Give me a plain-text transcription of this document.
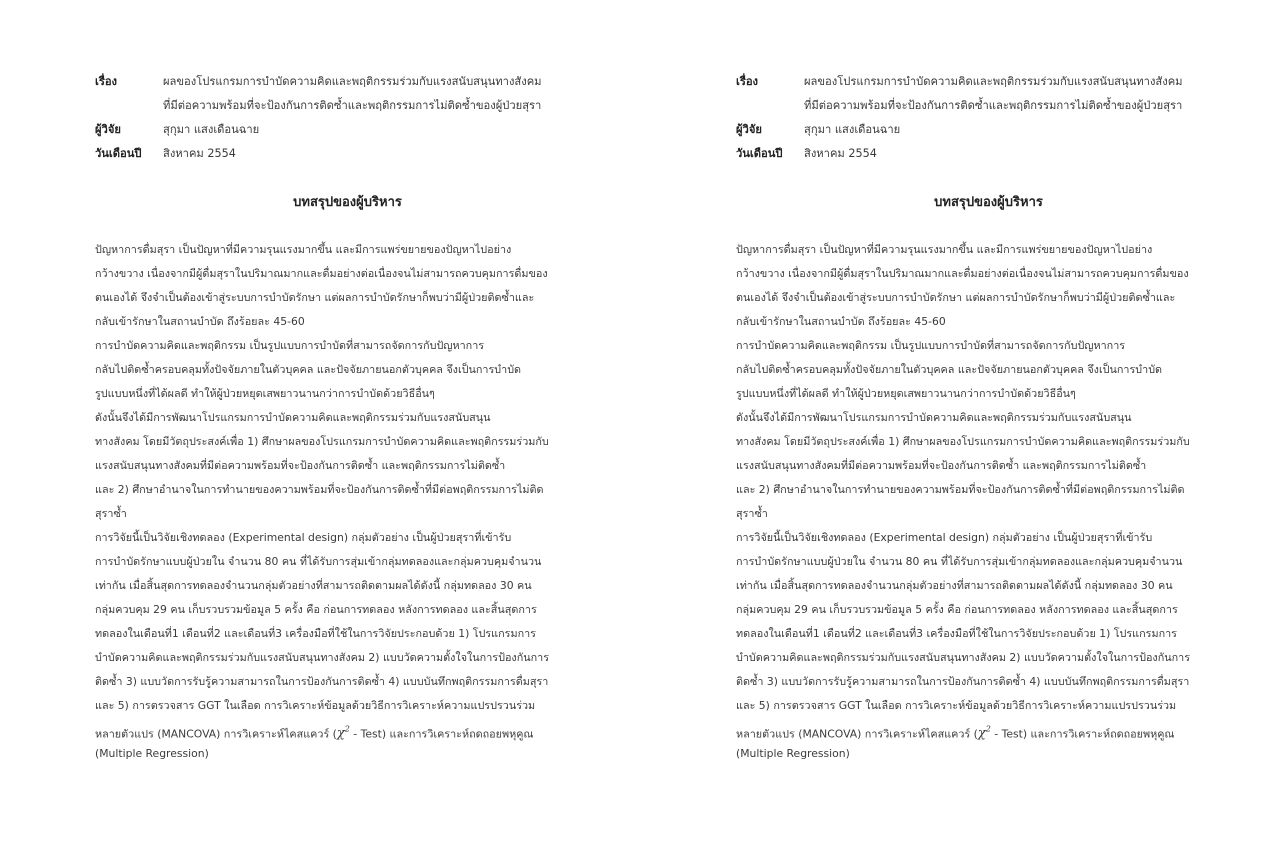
เรื่อง	ผลของโปรแกรมการบำบัดความคิดและพฤติกรรมร่วมกับแรงสนับสนุนทางสังคม
ที่มีต่อความพร้อมที่จะป้องกันการติดซ้ำและพฤติกรรมการไม่ติดซ้ำของผู้ป่วยสุรา
ผู้วิจัย	สุกุมา แสงเดือนฉาย
วันเดือนปี	สิงหาคม 2554
บทสรุปของผู้บริหาร
ปัญหาการดื่มสุรา เป็นปัญหาที่มีความรุนแรงมากขึ้น และมีการแพร่ขยายของปัญหาไปอย่าง
กว้างขวาง เนื่องจากมีผู้ดื่มสุราในปริมาณมากและดื่มอย่างต่อเนื่องจนไม่สามารถควบคุมการดื่มของ
ตนเองได้ จึงจำเป็นต้องเข้าสู่ระบบการบำบัดรักษา แต่ผลการบำบัดรักษาก็พบว่ามีผู้ป่วยติดซ้ำและ
กลับเข้ารักษาในสถานบำบัด ถึงร้อยละ 45-60
การบำบัดความคิดและพฤติกรรม เป็นรูปแบบการบำบัดที่สามารถจัดการกับปัญหาการ
กลับไปติดซ้ำครอบคลุมทั้งปัจจัยภายในตัวบุคคล และปัจจัยภายนอกตัวบุคคล จึงเป็นการบำบัด
รูปแบบหนึ่งที่ได้ผลดี ทำให้ผู้ป่วยหยุดเสพยาวนานกว่าการบำบัดด้วยวิธีอื่นๆ
ดังนั้นจึงได้มีการพัฒนาโปรแกรมการบำบัดความคิดและพฤติกรรมร่วมกับแรงสนับสนุน
ทางสังคม โดยมีวัตถุประสงค์เพื่อ 1) ศึกษาผลของโปรแกรมการบำบัดความคิดและพฤติกรรมร่วมกับ
แรงสนับสนุนทางสังคมที่มีต่อความพร้อมที่จะป้องกันการติดซ้ำ และพฤติกรรมการไม่ติดซ้ำ
และ 2) ศึกษาอำนาจในการทำนายของความพร้อมที่จะป้องกันการติดซ้ำที่มีต่อพฤติกรรมการไม่ติด
สุราซ้ำ
การวิจัยนี้เป็นวิจัยเชิงทดลอง (Experimental design) กลุ่มตัวอย่าง เป็นผู้ป่วยสุราที่เข้ารับ
การบำบัดรักษาแบบผู้ป่วยใน จำนวน 80 คน ที่ได้รับการสุ่มเข้ากลุ่มทดลองและกลุ่มควบคุมจำนวน
เท่ากัน เมื่อสิ้นสุดการทดลองจำนวนกลุ่มตัวอย่างที่สามารถติดตามผลได้ดังนี้ กลุ่มทดลอง 30 คน
กลุ่มควบคุม 29 คน เก็บรวบรวมข้อมูล 5 ครั้ง คือ ก่อนการทดลอง หลังการทดลอง และสิ้นสุดการ
ทดลองในเดือนที่1 เดือนที่2 และเดือนที่3 เครื่องมือที่ใช้ในการวิจัยประกอบด้วย 1) โปรแกรมการ
บำบัดความคิดและพฤติกรรมร่วมกับแรงสนับสนุนทางสังคม 2) แบบวัดความตั้งใจในการป้องกันการ
ติดซ้ำ 3) แบบวัดการรับรู้ความสามารถในการป้องกันการติดซ้ำ 4) แบบบันทึกพฤติกรรมการดื่มสุรา
และ 5) การตรวจสาร GGT ในเลือด การวิเคราะห์ข้อมูลด้วยวิธีการวิเคราะห์ความแปรปรวนร่วม
หลายตัวแปร (MANCOVA) การวิเคราะห์ไคสแควร์ ($\chi^2$ - Test) และการวิเคราะห์ถดถอยพหุคูณ
(Multiple Regression)
เรื่อง	ผลของโปรแกรมการบำบัดความคิดและพฤติกรรมร่วมกับแรงสนับสนุนทางสังคม
ที่มีต่อความพร้อมที่จะป้องกันการติดซ้ำและพฤติกรรมการไม่ติดซ้ำของผู้ป่วยสุรา
ผู้วิจัย	สุกุมา แสงเดือนฉาย
วันเดือนปี	สิงหาคม 2554
บทสรุปของผู้บริหาร
ปัญหาการดื่มสุรา เป็นปัญหาที่มีความรุนแรงมากขึ้น และมีการแพร่ขยายของปัญหาไปอย่าง
กว้างขวาง เนื่องจากมีผู้ดื่มสุราในปริมาณมากและดื่มอย่างต่อเนื่องจนไม่สามารถควบคุมการดื่มของ
ตนเองได้ จึงจำเป็นต้องเข้าสู่ระบบการบำบัดรักษา แต่ผลการบำบัดรักษาก็พบว่ามีผู้ป่วยติดซ้ำและ
กลับเข้ารักษาในสถานบำบัด ถึงร้อยละ 45-60
การบำบัดความคิดและพฤติกรรม เป็นรูปแบบการบำบัดที่สามารถจัดการกับปัญหาการ
กลับไปติดซ้ำครอบคลุมทั้งปัจจัยภายในตัวบุคคล และปัจจัยภายนอกตัวบุคคล จึงเป็นการบำบัด
รูปแบบหนึ่งที่ได้ผลดี ทำให้ผู้ป่วยหยุดเสพยาวนานกว่าการบำบัดด้วยวิธีอื่นๆ
ดังนั้นจึงได้มีการพัฒนาโปรแกรมการบำบัดความคิดและพฤติกรรมร่วมกับแรงสนับสนุน
ทางสังคม โดยมีวัตถุประสงค์เพื่อ 1) ศึกษาผลของโปรแกรมการบำบัดความคิดและพฤติกรรมร่วมกับ
แรงสนับสนุนทางสังคมที่มีต่อความพร้อมที่จะป้องกันการติดซ้ำ และพฤติกรรมการไม่ติดซ้ำ
และ 2) ศึกษาอำนาจในการทำนายของความพร้อมที่จะป้องกันการติดซ้ำที่มีต่อพฤติกรรมการไม่ติด
สุราซ้ำ
การวิจัยนี้เป็นวิจัยเชิงทดลอง (Experimental design) กลุ่มตัวอย่าง เป็นผู้ป่วยสุราที่เข้ารับ
การบำบัดรักษาแบบผู้ป่วยใน จำนวน 80 คน ที่ได้รับการสุ่มเข้ากลุ่มทดลองและกลุ่มควบคุมจำนวน
เท่ากัน เมื่อสิ้นสุดการทดลองจำนวนกลุ่มตัวอย่างที่สามารถติดตามผลได้ดังนี้ กลุ่มทดลอง 30 คน
กลุ่มควบคุม 29 คน เก็บรวบรวมข้อมูล 5 ครั้ง คือ ก่อนการทดลอง หลังการทดลอง และสิ้นสุดการ
ทดลองในเดือนที่1 เดือนที่2 และเดือนที่3 เครื่องมือที่ใช้ในการวิจัยประกอบด้วย 1) โปรแกรมการ
บำบัดความคิดและพฤติกรรมร่วมกับแรงสนับสนุนทางสังคม 2) แบบวัดความตั้งใจในการป้องกันการ
ติดซ้ำ 3) แบบวัดการรับรู้ความสามารถในการป้องกันการติดซ้ำ 4) แบบบันทึกพฤติกรรมการดื่มสุรา
และ 5) การตรวจสาร GGT ในเลือด การวิเคราะห์ข้อมูลด้วยวิธีการวิเคราะห์ความแปรปรวนร่วม
หลายตัวแปร (MANCOVA) การวิเคราะห์ไคสแควร์ ($\chi^2$ - Test) และการวิเคราะห์ถดถอยพหุคูณ
(Multiple Regression)
